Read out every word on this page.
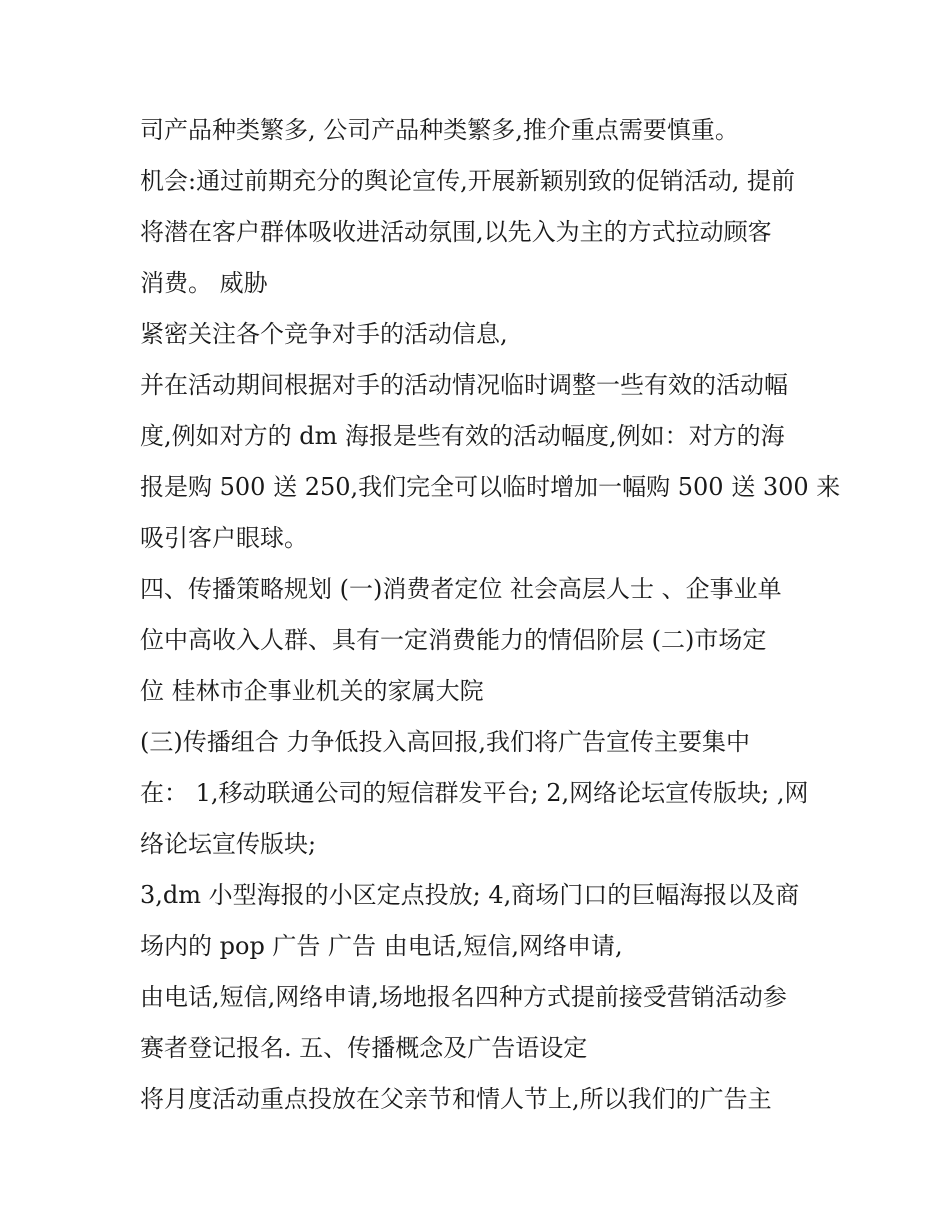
司产品种类繁多, 公司产品种类繁多,推介重点需要慎重。
机会:通过前期充分的舆论宣传,开展新颖别致的促销活动, 提前
将潜在客户群体吸收进活动氛围,以先入为主的方式拉动顾客
消费。 威胁
紧密关注各个竞争对手的活动信息,
并在活动期间根据对手的活动情况临时调整一些有效的活动幅
度,例如对方的 dm 海报是些有效的活动幅度,例如：对方的海
报是购 500 送 250,我们完全可以临时增加一幅购 500 送 300 来
吸引客户眼球。
四、传播策略规划 (一)消费者定位 社会高层人士 、企事业单
位中高收入人群、具有一定消费能力的情侣阶层 (二)市场定
位 桂林市企事业机关的家属大院
(三)传播组合 力争低投入高回报,我们将广告宣传主要集中
在： 1,移动联通公司的短信群发平台; 2,网络论坛宣传版块; ,网
络论坛宣传版块;
3,dm 小型海报的小区定点投放; 4,商场门口的巨幅海报以及商
场内的 pop 广告 广告 由电话,短信,网络申请,
由电话,短信,网络申请,场地报名四种方式提前接受营销活动参
赛者登记报名. 五、传播概念及广告语设定
将月度活动重点投放在父亲节和情人节上,所以我们的广告主
